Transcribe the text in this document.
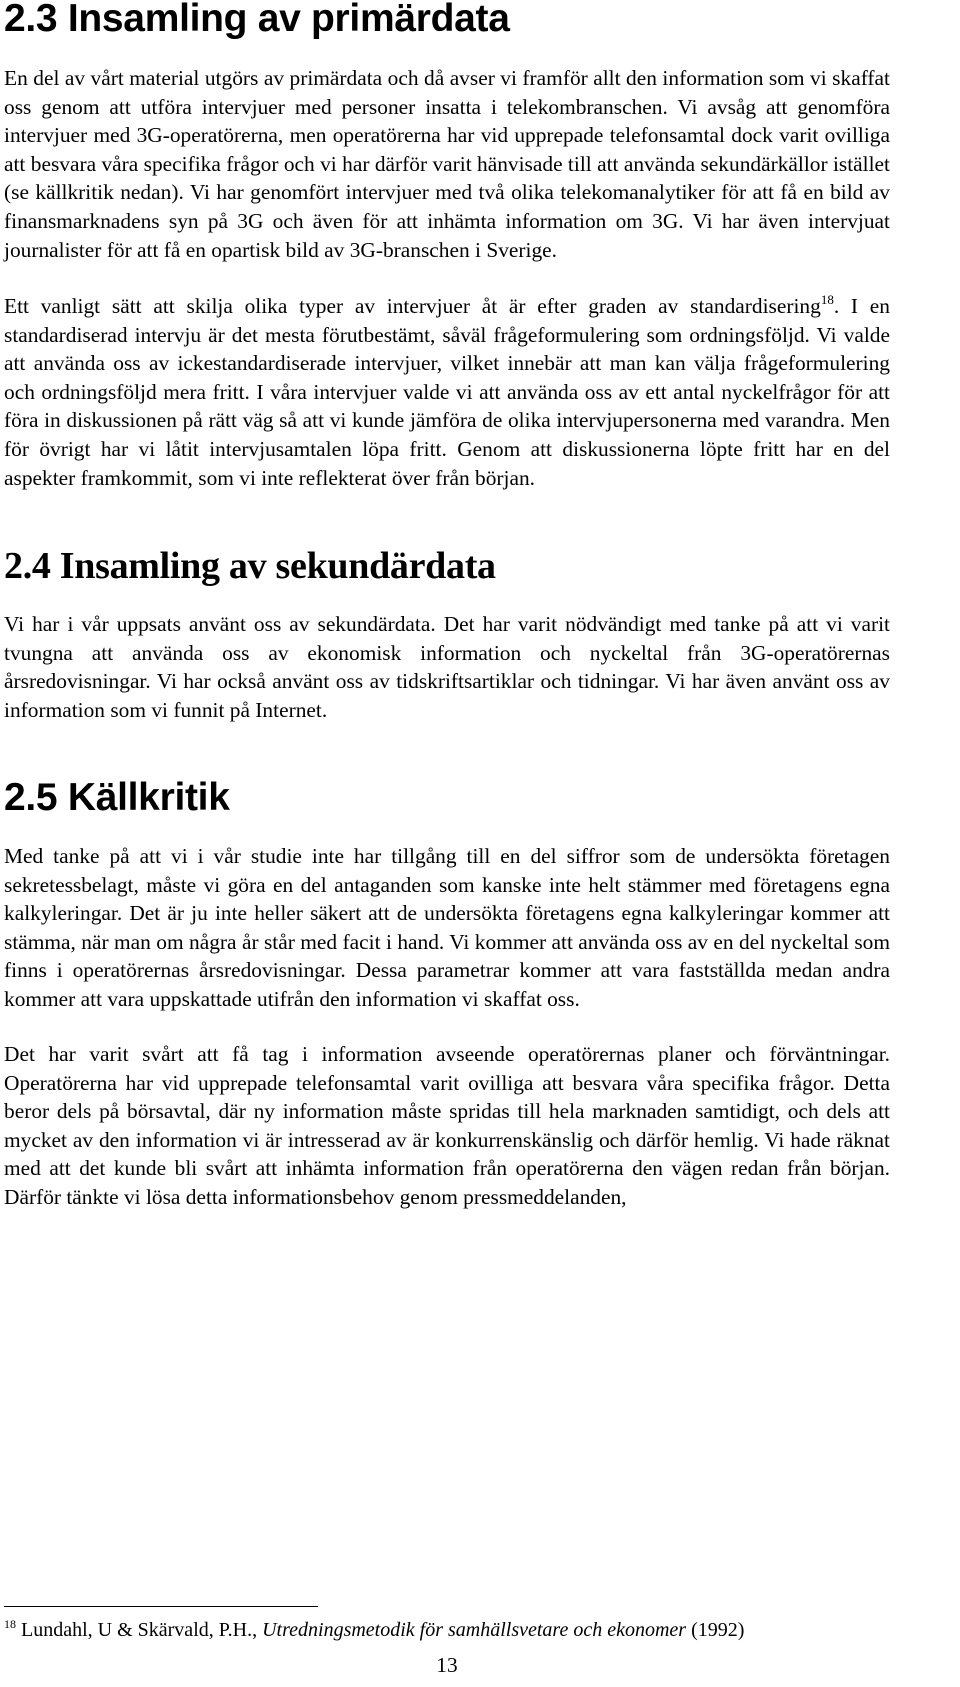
2.3 Insamling av primärdata

En del av vårt material utgörs av primärdata och då avser vi framför allt den information som vi skaffat oss genom att utföra intervjuer med personer insatta i telekombranschen. Vi avsåg att genomföra intervjuer med 3G-operatörerna, men operatörerna har vid upprepade telefonsamtal dock varit ovilliga att besvara våra specifika frågor och vi har därför varit hänvisade till att använda sekundärkällor istället (se källkritik nedan). Vi har genomfört intervjuer med två olika telekomanalytiker för att få en bild av finansmarknadens syn på 3G och även för att inhämta information om 3G. Vi har även intervjuat journalister för att få en opartisk bild av 3G-branschen i Sverige.

Ett vanligt sätt att skilja olika typer av intervjuer åt är efter graden av standardisering$^{18}$. I en standardiserad intervju är det mesta förutbestämt, såväl frågeformulering som ordningsföljd. Vi valde att använda oss av ickestandardiserade intervjuer, vilket innebär att man kan välja frågeformulering och ordningsföljd mera fritt. I våra intervjuer valde vi att använda oss av ett antal nyckelfrågor för att föra in diskussionen på rätt väg så att vi kunde jämföra de olika intervjupersonerna med varandra. Men för övrigt har vi låtit intervjusamtalen löpa fritt. Genom att diskussionerna löpte fritt har en del aspekter framkommit, som vi inte reflekterat över från början.

2.4 Insamling av sekundärdata

Vi har i vår uppsats använt oss av sekundärdata. Det har varit nödvändigt med tanke på att vi varit tvungna att använda oss av ekonomisk information och nyckeltal från 3G-operatörernas årsredovisningar. Vi har också använt oss av tidskriftsartiklar och tidningar. Vi har även använt oss av information som vi funnit på Internet.

2.5 Källkritik

Med tanke på att vi i vår studie inte har tillgång till en del siffror som de undersökta företagen sekretessbelagt, måste vi göra en del antaganden som kanske inte helt stämmer med företagens egna kalkyleringar. Det är ju inte heller säkert att de undersökta företagens egna kalkyleringar kommer att stämma, när man om några år står med facit i hand. Vi kommer att använda oss av en del nyckeltal som finns i operatörernas årsredovisningar. Dessa parametrar kommer att vara fastställda medan andra kommer att vara uppskattade utifrån den information vi skaffat oss.

Det har varit svårt att få tag i information avseende operatörernas planer och förväntningar. Operatörerna har vid upprepade telefonsamtal varit ovilliga att besvara våra specifika frågor. Detta beror dels på börsavtal, där ny information måste spridas till hela marknaden samtidigt, och dels att mycket av den information vi är intresserad av är konkurrenskänslig och därför hemlig. Vi hade räknat med att det kunde bli svårt att inhämta information från operatörerna den vägen redan från början. Därför tänkte vi lösa detta informationsbehov genom pressmeddelanden,

$^{18}$ Lundahl, U & Skärvald, P.H., Utredningsmetodik för samhällsvetare och ekonomer (1992)
13
